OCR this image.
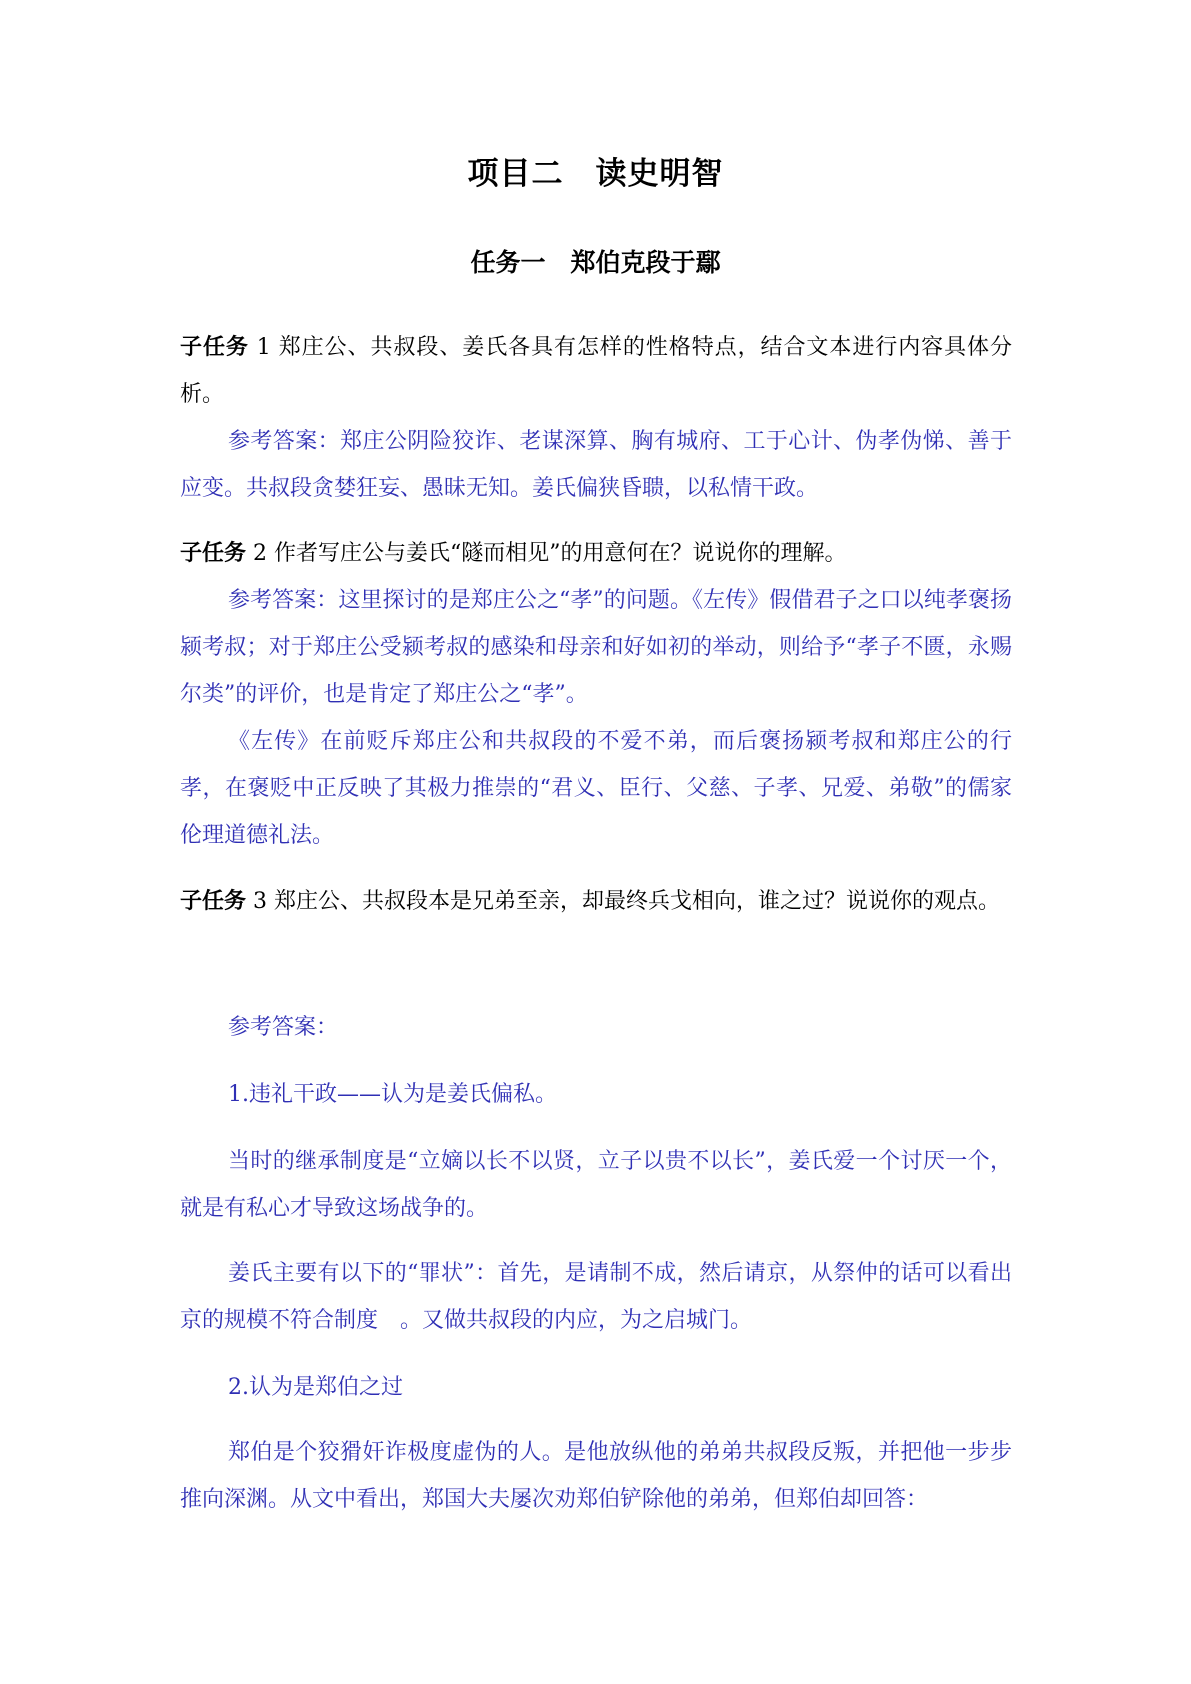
项目二　读史明智
任务一　郑伯克段于鄢
子任务 1 郑庄公、共叔段、姜氏各具有怎样的性格特点，结合文本进行内容具体分析。
参考答案：郑庄公阴险狡诈、老谋深算、胸有城府、工于心计、伪孝伪悌、善于应变。共叔段贪婪狂妄、愚昧无知。姜氏偏狭昏聩，以私情干政。
子任务 2 作者写庄公与姜氏“隧而相见”的用意何在？说说你的理解。
参考答案：这里探讨的是郑庄公之“孝”的问题。《左传》假借君子之口以纯孝褒扬颍考叔；对于郑庄公受颍考叔的感染和母亲和好如初的举动，则给予“孝子不匮，永赐尔类”的评价，也是肯定了郑庄公之“孝”。
《左传》在前贬斥郑庄公和共叔段的不爱不弟，而后褒扬颍考叔和郑庄公的行孝，在褒贬中正反映了其极力推崇的“君义、臣行、父慈、子孝、兄爱、弟敬”的儒家伦理道德礼法。
子任务 3 郑庄公、共叔段本是兄弟至亲，却最终兵戈相向，谁之过？说说你的观点。
参考答案：
1.违礼干政——认为是姜氏偏私。
当时的继承制度是“立嫡以长不以贤，立子以贵不以长”，姜氏爱一个讨厌一个，就是有私心才导致这场战争的。
姜氏主要有以下的“罪状”：首先，是请制不成，然后请京，从祭仲的话可以看出京的规模不符合制度　。又做共叔段的内应，为之启城门。
2.认为是郑伯之过
郑伯是个狡猾奸诈极度虚伪的人。是他放纵他的弟弟共叔段反叛，并把他一步步推向深渊。从文中看出，郑国大夫屡次劝郑伯铲除他的弟弟，但郑伯却回答：
